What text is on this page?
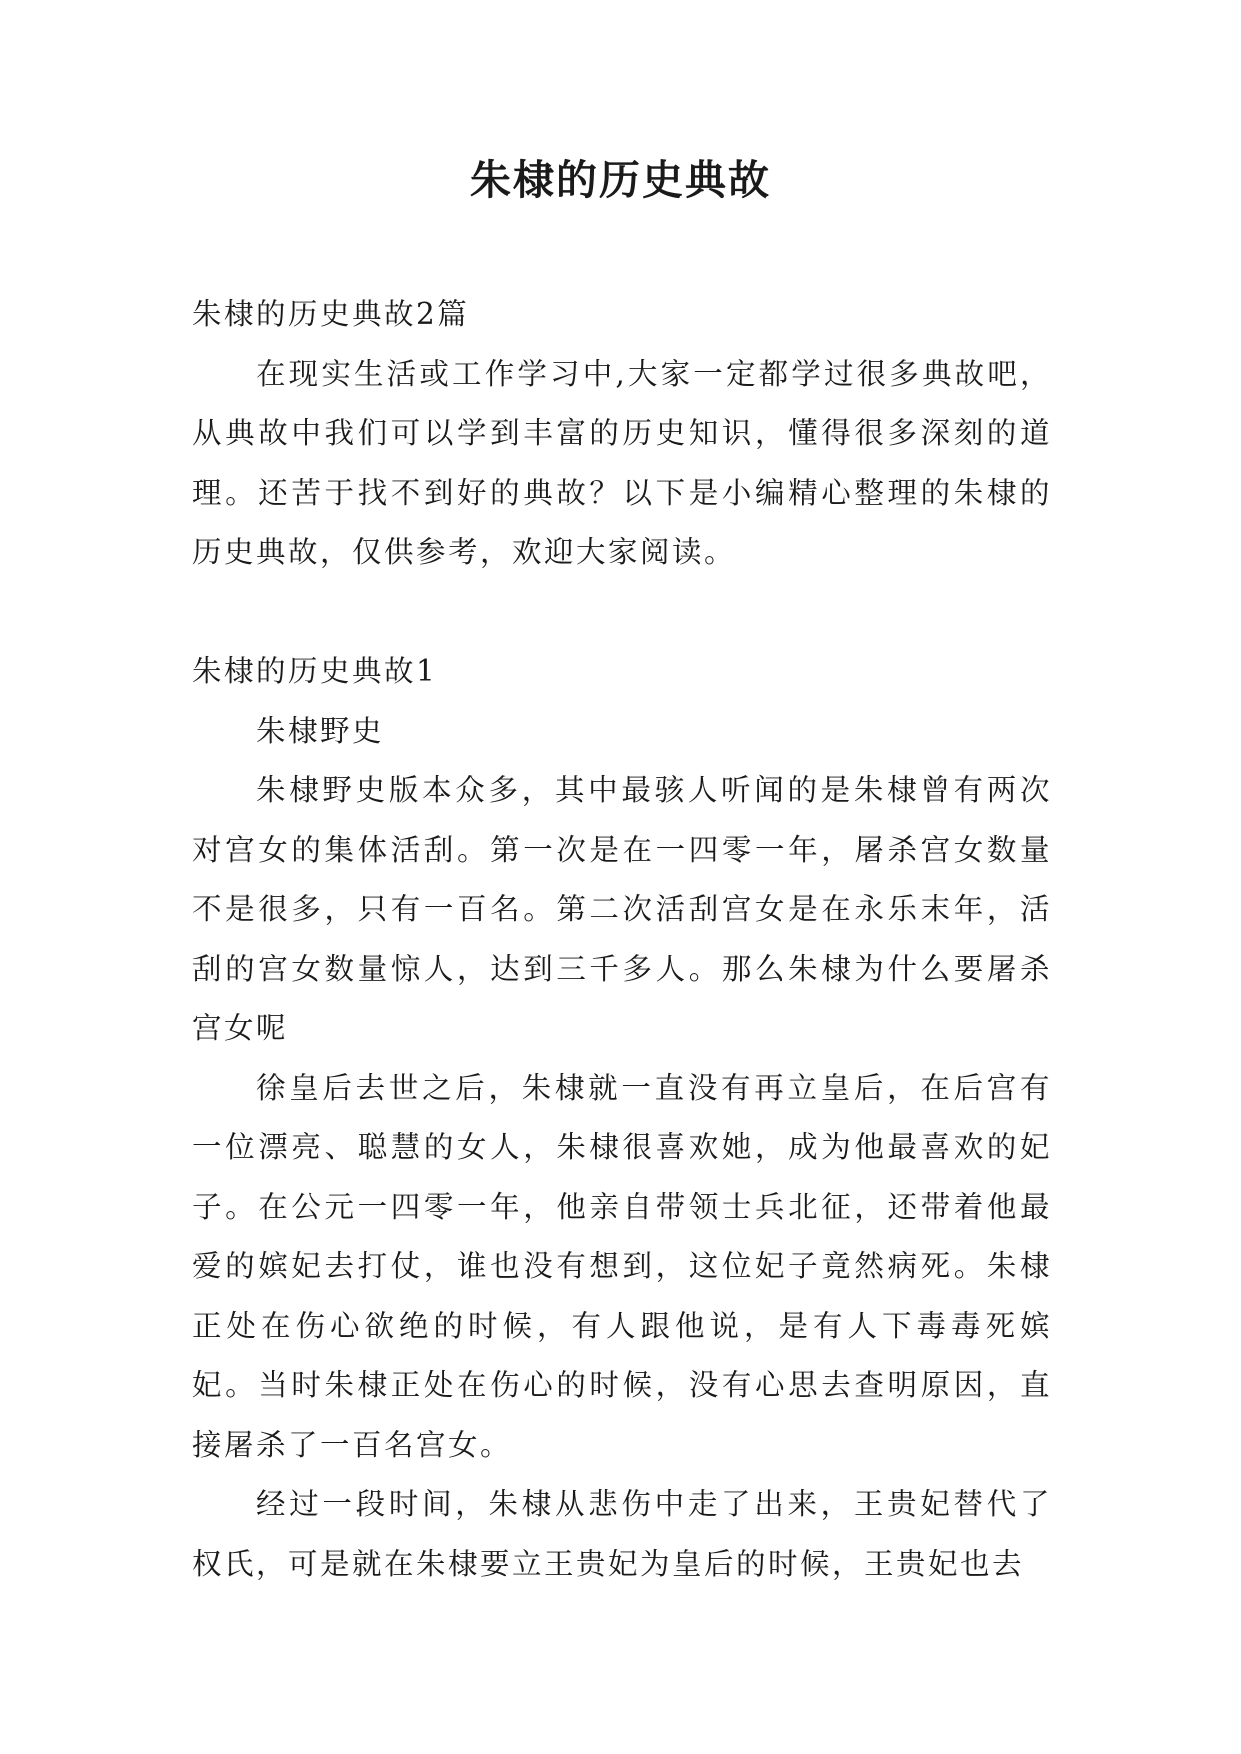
朱棣的历史典故

朱棣的历史典故2篇

在现实生活或工作学习中,大家一定都学过很多典故吧，从典故中我们可以学到丰富的历史知识，懂得很多深刻的道理。还苦于找不到好的典故？以下是小编精心整理的朱棣的历史典故，仅供参考，欢迎大家阅读。

朱棣的历史典故1

朱棣野史

朱棣野史版本众多，其中最骇人听闻的是朱棣曾有两次对宫女的集体活刮。第一次是在一四零一年，屠杀宫女数量不是很多，只有一百名。第二次活刮宫女是在永乐末年，活刮的宫女数量惊人，达到三千多人。那么朱棣为什么要屠杀宫女呢

徐皇后去世之后，朱棣就一直没有再立皇后，在后宫有一位漂亮、聪慧的女人，朱棣很喜欢她，成为他最喜欢的妃子。在公元一四零一年，他亲自带领士兵北征，还带着他最爱的嫔妃去打仗，谁也没有想到，这位妃子竟然病死。朱棣正处在伤心欲绝的时候，有人跟他说，是有人下毒毒死嫔妃。当时朱棣正处在伤心的时候，没有心思去查明原因，直接屠杀了一百名宫女。

经过一段时间，朱棣从悲伤中走了出来，王贵妃替代了权氏，可是就在朱棣要立王贵妃为皇后的时候，王贵妃也去
